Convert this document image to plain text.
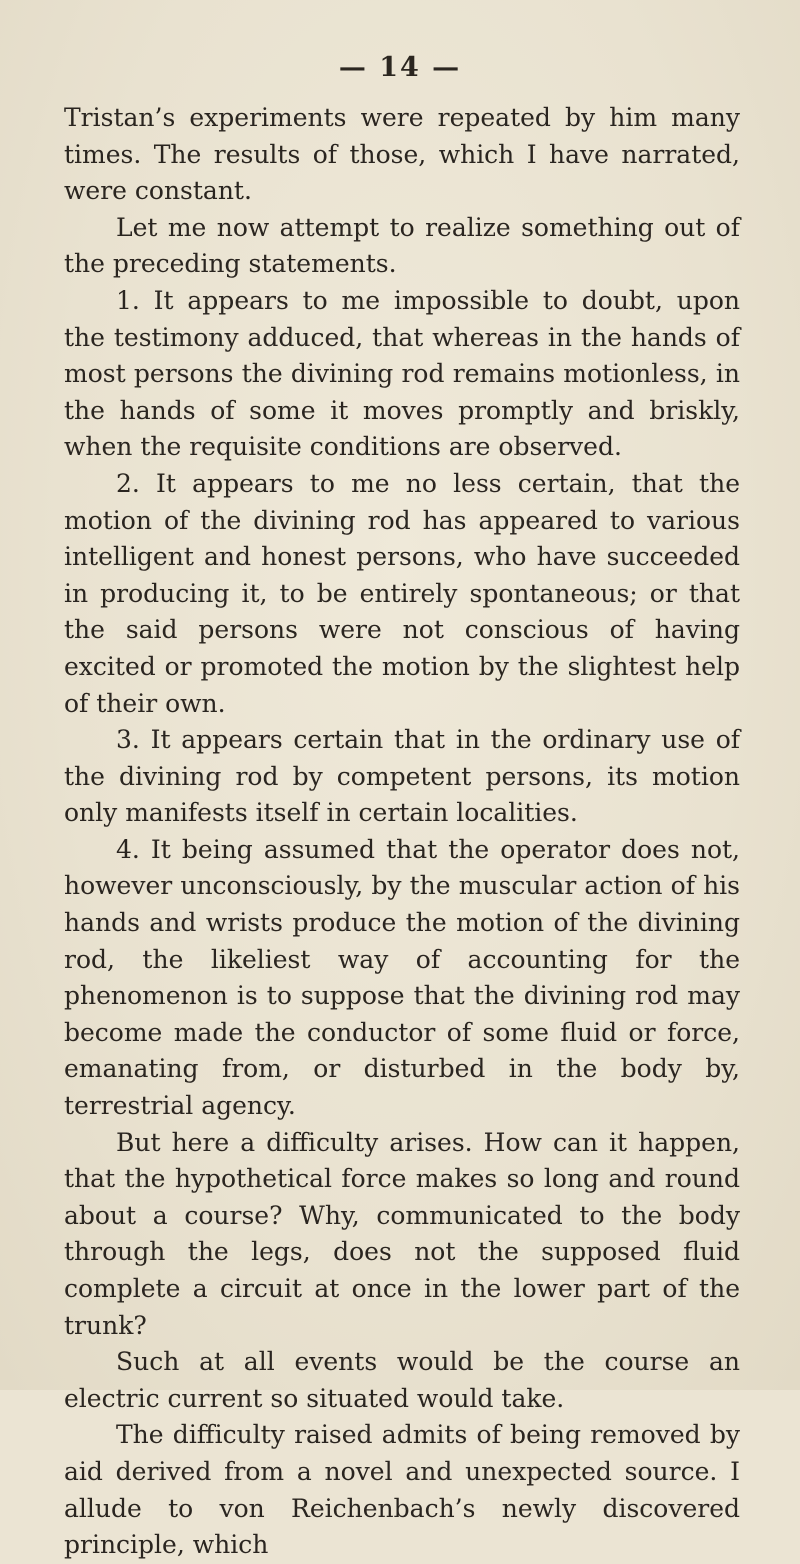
— 14 —

Tristan’s experiments were repeated by him many times. The results of those, which I have narrated, were constant.

Let me now attempt to realize something out of the preceding statements.

1. It appears to me impossible to doubt, upon the testimony adduced, that whereas in the hands of most persons the divining rod remains motionless, in the hands of some it moves promptly and briskly, when the requisite conditions are observed.

2. It appears to me no less certain, that the motion of the divining rod has appeared to various intelligent and honest persons, who have succeeded in producing it, to be entirely spontaneous; or that the said persons were not conscious of having excited or promoted the motion by the slightest help of their own.

3. It appears certain that in the ordinary use of the divining rod by competent persons, its motion only manifests itself in certain localities.

4. It being assumed that the operator does not, however unconsciously, by the muscular action of his hands and wrists produce the motion of the divining rod, the likeliest way of accounting for the phenomenon is to suppose that the divining rod may become made the conductor of some fluid or force, emanating from, or disturbed in the body by, terrestrial agency.

But here a difficulty arises. How can it happen, that the hypothetical force makes so long and round about a course? Why, communicated to the body through the legs, does not the supposed fluid complete a circuit at once in the lower part of the trunk?

Such at all events would be the course an electric current so situated would take.

The difficulty raised admits of being removed by aid derived from a novel and unexpected source. I allude to von Reichenbach’s newly discovered principle, which
